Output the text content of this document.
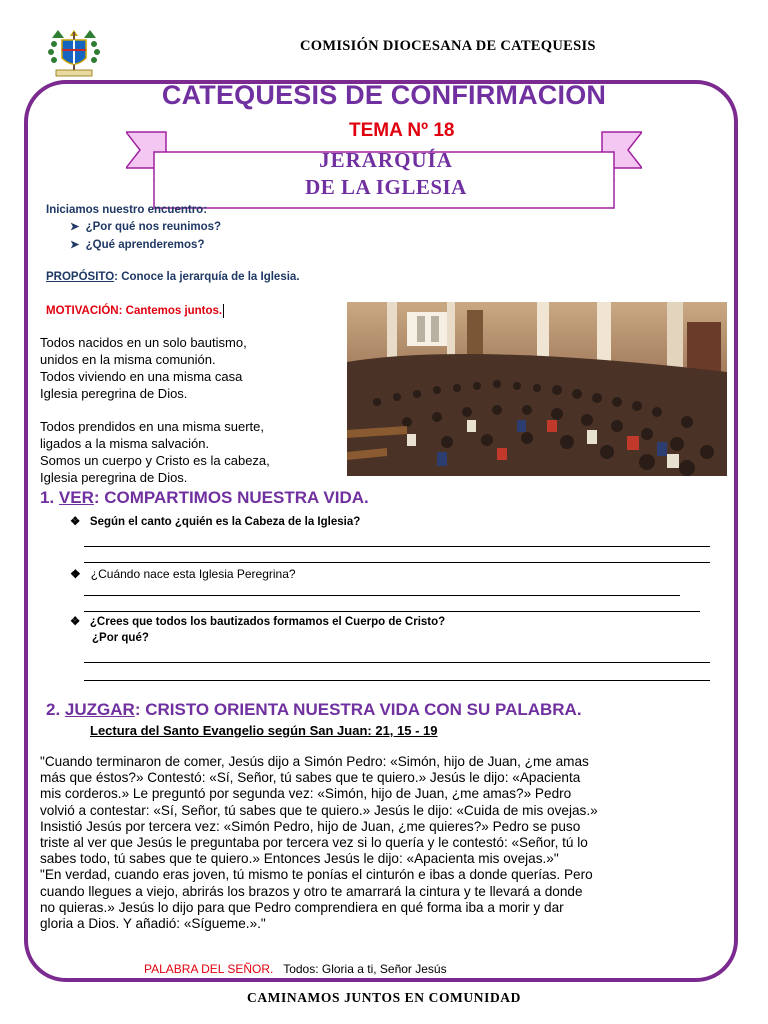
COMISIÓN DIOCESANA DE CATEQUESIS
CATEQUESIS DE CONFIRMACIÓN
TEMA Nº 18
JERARQUÍA
DE LA IGLESIA
Iniciamos nuestro encuentro:
➤ ¿Por qué nos reunimos?
➤ ¿Qué aprenderemos?
PROPÓSITO: Conoce la jerarquía de la Iglesia.
MOTIVACIÓN: Cantemos juntos.
Todos nacidos en un solo bautismo,
unidos en la misma comunión.
Todos viviendo en una misma casa
Iglesia peregrina de Dios.
Todos prendidos en una misma suerte,
ligados a la misma salvación.
Somos un cuerpo y Cristo es la cabeza,
Iglesia peregrina de Dios.
1. VER: COMPARTIMOS NUESTRA VIDA.
❖ Según el canto ¿quién es la Cabeza de la Iglesia?
❖ ¿Cuándo nace esta Iglesia Peregrina?
❖ ¿Crees que todos los bautizados formamos el Cuerpo de Cristo?
¿Por qué?
2. JUZGAR: CRISTO ORIENTA NUESTRA VIDA CON SU PALABRA.
Lectura del Santo Evangelio según San Juan: 21, 15 - 19
"Cuando terminaron de comer, Jesús dijo a Simón Pedro: «Simón, hijo de Juan, ¿me amas
más que éstos?» Contestó: «Sí, Señor, tú sabes que te quiero.» Jesús le dijo: «Apacienta
mis corderos.» Le preguntó por segunda vez: «Simón, hijo de Juan, ¿me amas?» Pedro
volvió a contestar: «Sí, Señor, tú sabes que te quiero.» Jesús le dijo: «Cuida de mis ovejas.»
Insistió Jesús por tercera vez: «Simón Pedro, hijo de Juan, ¿me quieres?» Pedro se puso
triste al ver que Jesús le preguntaba por tercera vez si lo quería y le contestó: «Señor, tú lo
sabes todo, tú sabes que te quiero.» Entonces Jesús le dijo: «Apacienta mis ovejas.»"
"En verdad, cuando eras joven, tú mismo te ponías el cinturón e ibas a donde querías. Pero
cuando llegues a viejo, abrirás los brazos y otro te amarrará la cintura y te llevará a donde
no quieras.» Jesús lo dijo para que Pedro comprendiera en qué forma iba a morir y dar
gloria a Dios. Y añadió: «Sígueme.»."
PALABRA DEL SEÑOR. Todos: Gloria a ti, Señor Jesús
CAMINAMOS JUNTOS EN COMUNIDAD
